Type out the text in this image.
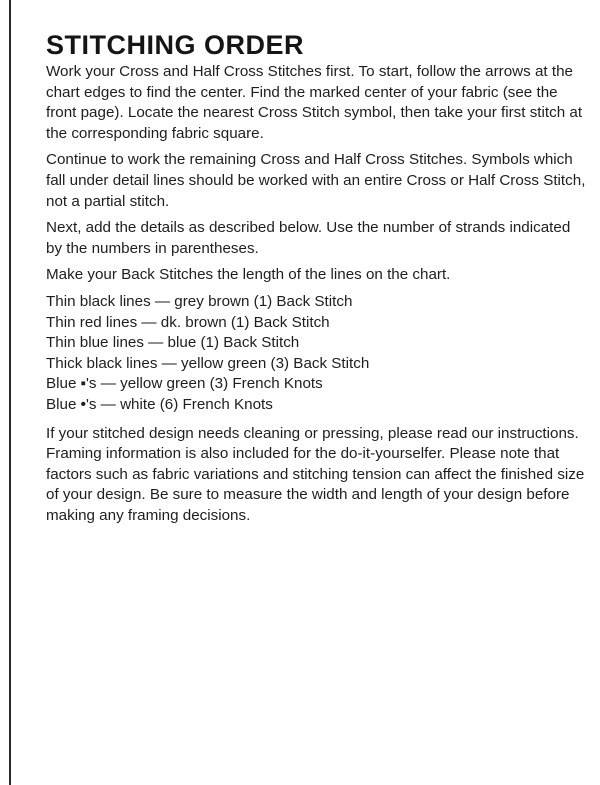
STITCHING ORDER

Work your Cross and Half Cross Stitches first. To start, follow the arrows at the chart edges to find the center. Find the marked center of your fabric (see the front page). Locate the nearest Cross Stitch symbol, then take your first stitch at the corresponding fabric square.

Continue to work the remaining Cross and Half Cross Stitches. Symbols which fall under detail lines should be worked with an entire Cross or Half Cross Stitch, not a partial stitch.

Next, add the details as described below. Use the number of strands indicated by the numbers in parentheses.

Make your Back Stitches the length of the lines on the chart.

Thin black lines — grey brown (1) Back Stitch
Thin red lines — dk. brown (1) Back Stitch
Thin blue lines — blue (1) Back Stitch
Thick black lines — yellow green (3) Back Stitch
Blue ▪'s — yellow green (3) French Knots
Blue •'s — white (6) French Knots

If your stitched design needs cleaning or pressing, please read our instructions. Framing information is also included for the do-it-yourselfer. Please note that factors such as fabric variations and stitching tension can affect the finished size of your design. Be sure to measure the width and length of your design before making any framing decisions.
